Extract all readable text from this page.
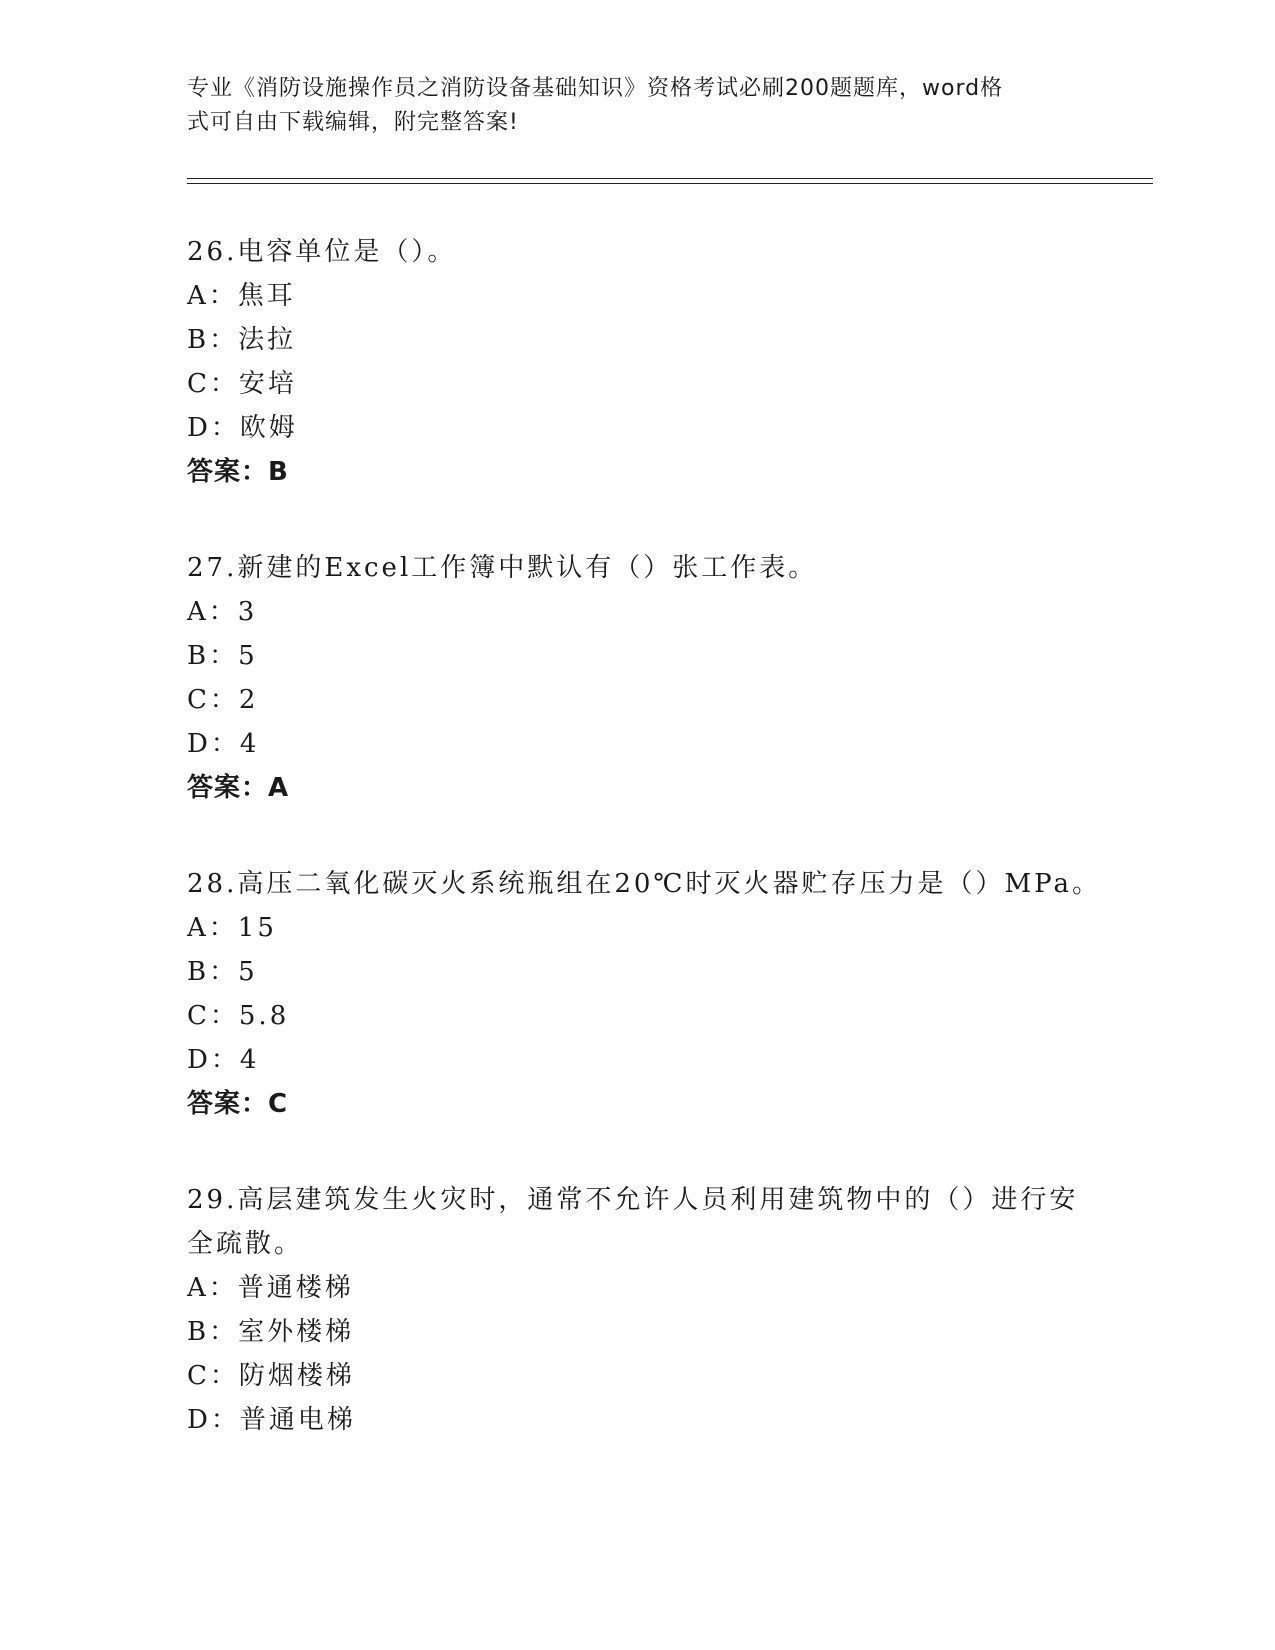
专业《消防设施操作员之消防设备基础知识》资格考试必刷200题题库，word格
式可自由下载编辑，附完整答案!
26.电容单位是（）。
A：焦耳
B：法拉
C：安培
D：欧姆
答案：B
27.新建的Excel工作簿中默认有（）张工作表。
A：3
B：5
C：2
D：4
答案：A
28.高压二氧化碳灭火系统瓶组在20℃时灭火器贮存压力是（）MPa。
A：15
B：5
C：5.8
D：4
答案：C
29.高层建筑发生火灾时，通常不允许人员利用建筑物中的（）进行安
全疏散。
A：普通楼梯
B：室外楼梯
C：防烟楼梯
D：普通电梯
